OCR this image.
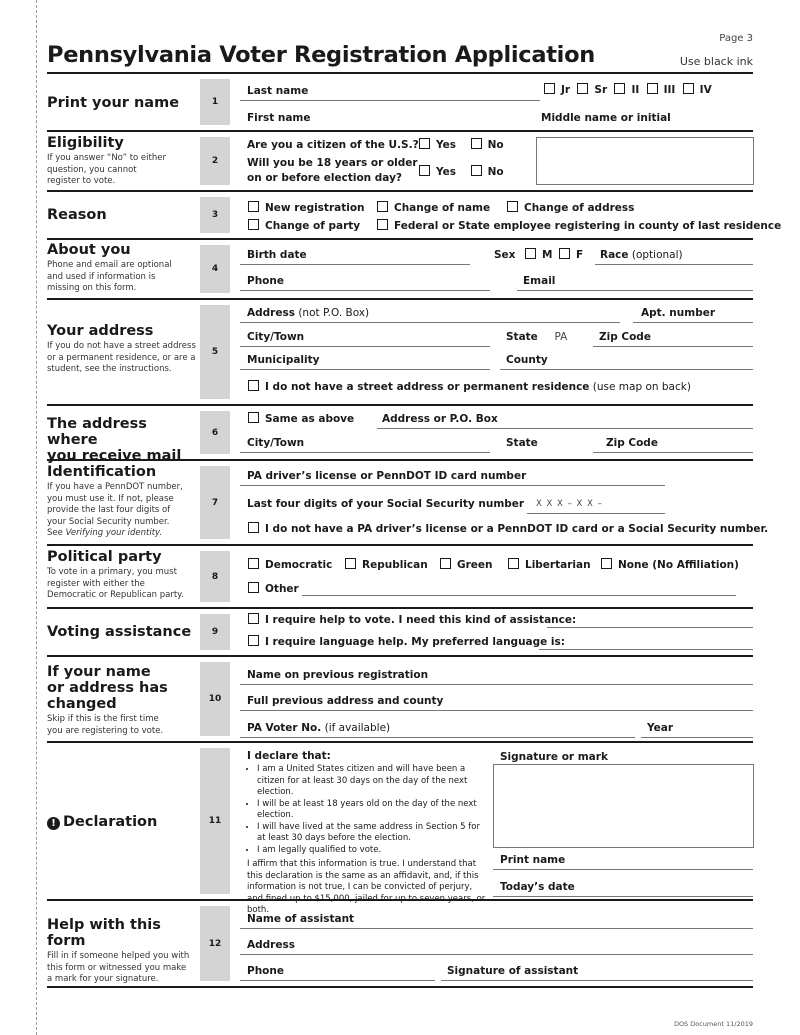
Page 3
Use black ink
Pennsylvania Voter Registration Application
Print your name	1
Last name	Jr Sr II III IV
First name	Middle name or initial
Eligibility
If you answer “No” to either question, you cannot register to vote.
2
Are you a citizen of the U.S.?	Yes	No
Will you be 18 years or older
on or before election day?	Yes	No
Reason	3
New registration	Change of name	Change of address
Change of party	Federal or State employee registering in county of last residence
About you
Phone and email are optional and used if information is missing on this form.
4
Birth date	Sex	M	F Race (optional)
Phone	Email
Your address
If you do not have a street address or a permanent residence, or are a student, see the instructions.
5
Address (not P.O. Box)	Apt. number
City/Town	State PA	Zip Code
Municipality	County
I do not have a street address or permanent residence (use map on back)
The address where
you receive mail
6
Same as above	Address or P.O. Box
City/Town	State	Zip Code
Identification
If you have a PennDOT number, you must use it. If not, please provide the last four digits of your Social Security number. See Verifying your identity.
7
PA driver’s license or PennDOT ID card number
Last four digits of your Social Security number X X X – X X –
I do not have a PA driver’s license or a PennDOT ID card or a Social Security number.
Political party
To vote in a primary, you must register with either the Democratic or Republican party.
8
Democratic	Republican	Green	Libertarian	None (No Affiliation)
Other
Voting assistance	9
I require help to vote. I need this kind of assistance:
I require language help. My preferred language is:
If your name
or address has
changed
Skip if this is the first time you are registering to vote.
10
Name on previous registration
Full previous address and county
PA Voter No. (if available)	Year
! Declaration	11
I declare that:
• I am a United States citizen and will have been a citizen for at least 30 days on the day of the next election.
• I will be at least 18 years old on the day of the next election.
• I will have lived at the same address in Section 5 for at least 30 days before the election.
• I am legally qualified to vote.
I affirm that this information is true. I understand that this declaration is the same as an affidavit, and, if this information is not true, I can be convicted of perjury, and fined up to $15,000, jailed for up to seven years, or both.
Signature or mark
Print name
Today’s date
Help with this form
Fill in if someone helped you with this form or witnessed you make a mark for your signature.
12
Name of assistant
Address
Phone	Signature of assistant
DOS Document 11/2019
